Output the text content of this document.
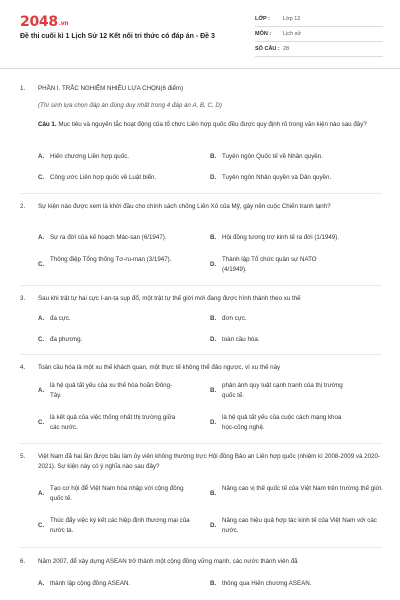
2048.vn
Đề thi cuối kì 1 Lịch Sử 12 Kết nối tri thức có đáp án - Đề 3
LỚP :	Lớp 12
MÔN :	Lịch sử
SỐ CÂU : 28
1.	PHẦN I. TRẮC NGHIỆM NHIỀU LỰA CHỌN(6 điểm)
(Thí sinh lựa chọn đáp án đúng duy nhất trong 4 đáp án A, B, C, D)
Câu 1. Mục tiêu và nguyên tắc hoạt động của tổ chức Liên hợp quốc đều được quy định rõ trong văn kiện nào sau đây?
A. Hiến chương Liên hợp quốc.	B. Tuyên ngôn Quốc tế về Nhân quyền.
C. Công ước Liên hợp quốc về Luật biển.	D. Tuyên ngôn Nhân quyền và Dân quyền.
2.	Sự kiện nào được xem là khởi đầu cho chính sách chống Liên Xô của Mỹ, gây nên cuộc Chiến tranh lạnh?
A. Sự ra đời của kế hoạch Mác-san (6/1947).	B. Hội đồng tương trợ kinh tế ra đời (1/1949).
C.
Thông điệp Tổng thống Tơ-ru-man (3/1947).
D.
Thành lập Tổ chức quân sự NATO (4/1949).
3.	Sau khi trật tự hai cực I-an-ta sụp đổ, một trật tự thế giới mới đang được hình thành theo xu thế
A. đa cực.	B. đơn cực.
C. đa phương.	D. toàn cầu hóa.
4.	Toàn cầu hóa là một xu thế khách quan, một thực tế không thể đảo ngược, vì xu thế này
A.
là hệ quả tất yếu của xu thế hòa hoãn Đông-Tây.
B.
phản ánh quy luật cạnh tranh của thị trường quốc tế.
C.
là kết quả của việc thống nhất thị trường giữa các nước.
D.
là hệ quả tất yếu của cuộc cách mạng khoa học-công nghệ.
5.	Việt Nam đã hai lần được bầu làm ủy viên không thường trực Hội đồng Bảo an Liên hợp quốc (nhiệm kì 2008-2009 và 2020-2021). Sự kiện này có ý nghĩa nào sau đây?
A.
Tạo cơ hội để Việt Nam hòa nhập với cộng đồng quốc tế.
B.
Nâng cao vị thế quốc tế của Việt Nam trên trường thế giới.
C.
Thúc đẩy việc ký kết các hiệp định thương mại của nước ta.
D.
Nâng cao hiệu quả hợp tác kinh tế của Việt Nam với các nước.
6.	Năm 2007, để xây dựng ASEAN trở thành một cộng đồng vững mạnh, các nước thành viên đã
A. thành lập cộng đồng ASEAN.	B. thông qua Hiến chương ASEAN.
